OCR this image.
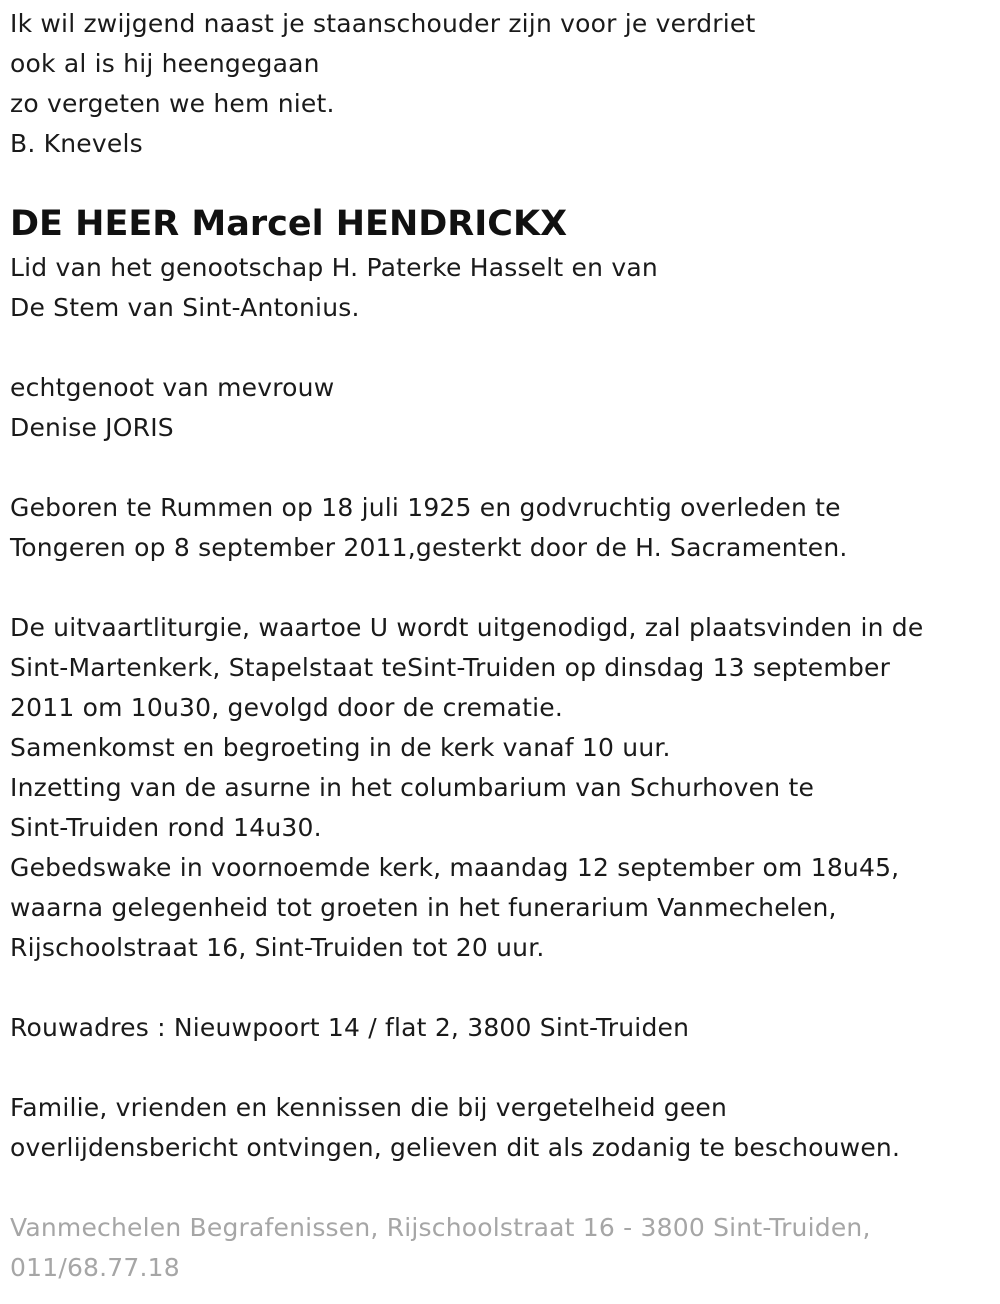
Ik wil zwijgend naast je staanschouder zijn voor je verdriet
ook al is hij heengegaan
zo vergeten we hem niet.
B. Knevels
DE HEER Marcel HENDRICKX
Lid van het genootschap H. Paterke Hasselt en van
De Stem van Sint-Antonius.
echtgenoot van mevrouw
Denise JORIS
Geboren te Rummen op 18 juli 1925 en godvruchtig overleden te
Tongeren op 8 september 2011,gesterkt door de H. Sacramenten.
De uitvaartliturgie, waartoe U wordt uitgenodigd, zal plaatsvinden in de
Sint-Martenkerk, Stapelstaat teSint-Truiden op dinsdag 13 september
2011 om 10u30, gevolgd door de crematie.
Samenkomst en begroeting in de kerk vanaf 10 uur.
Inzetting van de asurne in het columbarium van Schurhoven te
Sint-Truiden rond 14u30.
Gebedswake in voornoemde kerk, maandag 12 september om 18u45,
waarna gelegenheid tot groeten in het funerarium Vanmechelen,
Rijschoolstraat 16, Sint-Truiden tot 20 uur.
Rouwadres : Nieuwpoort 14 / flat 2, 3800 Sint-Truiden
Familie, vrienden en kennissen die bij vergetelheid geen
overlijdensbericht ontvingen, gelieven dit als zodanig te beschouwen.
Vanmechelen Begrafenissen, Rijschoolstraat 16 - 3800 Sint-Truiden,
011/68.77.18
